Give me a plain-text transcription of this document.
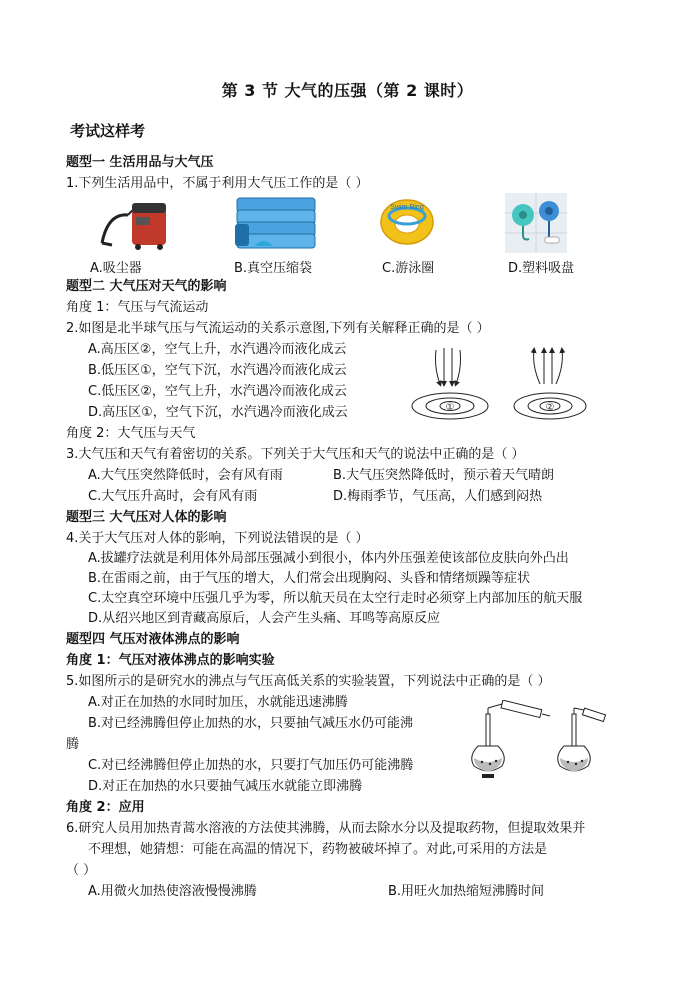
第 3 节 大气的压强（第 2 课时）
考试这样考
题型一 生活用品与大气压
1.下列生活用品中，不属于利用大气压工作的是（ ）
Swim Ring
A.吸尘器	B.真空压缩袋	C.游泳圈	D.塑料吸盘
题型二 大气压对天气的影响
角度 1：气压与气流运动
2.如图是北半球气压与气流运动的关系示意图,下列有关解释正确的是（ ）
A.高压区②，空气上升，水汽遇冷而液化成云
B.低压区①，空气下沉，水汽遇冷而液化成云
C.低压区②，空气上升，水汽遇冷而液化成云
D.高压区①，空气下沉，水汽遇冷而液化成云	①	②
角度 2：大气压与天气
3.大气压和天气有着密切的关系。下列关于大气压和天气的说法中正确的是（ ）
A.大气压突然降低时，会有风有雨	B.大气压突然降低时，预示着天气晴朗
C.大气压升高时，会有风有雨	D.梅雨季节，气压高，人们感到闷热
题型三 大气压对人体的影响
4.关于大气压对人体的影响，下列说法错误的是（ ）
A.拔罐疗法就是利用体外局部压强减小到很小，体内外压强差使该部位皮肤向外凸出
B.在雷雨之前，由于气压的增大，人们常会出现胸闷、头昏和情绪烦躁等症状
C.太空真空环境中压强几乎为零，所以航天员在太空行走时必须穿上内部加压的航天服
D.从绍兴地区到青藏高原后，人会产生头痛、耳鸣等高原反应
题型四 气压对液体沸点的影响
角度 1：气压对液体沸点的影响实验
5.如图所示的是研究水的沸点与气压高低关系的实验装置，下列说法中正确的是（ ）
A.对正在加热的水同时加压，水就能迅速沸腾
B.对已经沸腾但停止加热的水，只要抽气减压水仍可能沸
腾
C.对已经沸腾但停止加热的水，只要打气加压仍可能沸腾
D.对正在加热的水只要抽气减压水就能立即沸腾
角度 2：应用
6.研究人员用加热青蒿水溶液的方法使其沸腾，从而去除水分以及提取药物，但提取效果并
不理想，她猜想：可能在高温的情况下，药物被破坏掉了。对此,可采用的方法是
（ ）
A.用微火加热使溶液慢慢沸腾	B.用旺火加热缩短沸腾时间
